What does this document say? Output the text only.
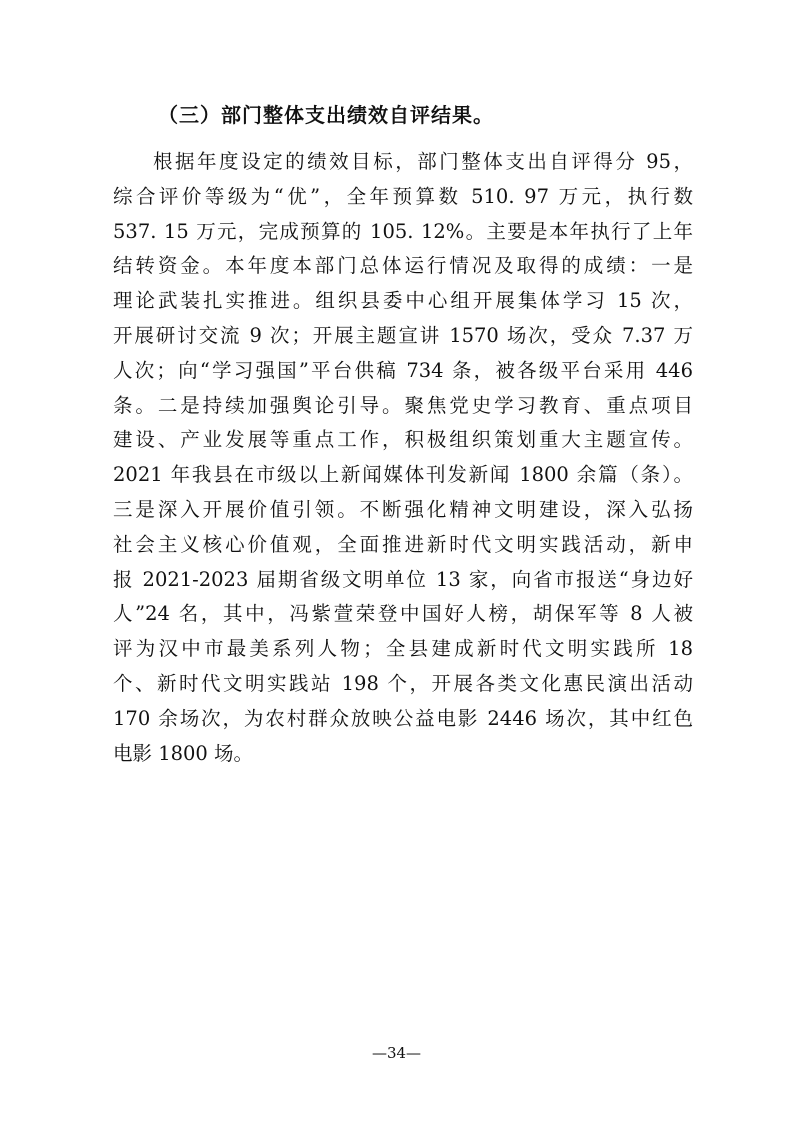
（三）部门整体支出绩效自评结果。
根据年度设定的绩效目标，部门整体支出自评得分 95，
综合评价等级为“优”，全年预算数 510. 97 万元，执行数
537. 15 万元，完成预算的 105. 12%。主要是本年执行了上年
结转资金。本年度本部门总体运行情况及取得的成绩：一是
理论武装扎实推进。组织县委中心组开展集体学习 15 次，
开展研讨交流 9 次；开展主题宣讲 1570 场次，受众 7.37 万
人次；向“学习强国”平台供稿 734 条，被各级平台采用 446
条。二是持续加强舆论引导。聚焦党史学习教育、重点项目
建设、产业发展等重点工作，积极组织策划重大主题宣传。
2021 年我县在市级以上新闻媒体刊发新闻 1800 余篇（条）。
三是深入开展价值引领。不断强化精神文明建设，深入弘扬
社会主义核心价值观，全面推进新时代文明实践活动，新申
报 2021-2023 届期省级文明单位 13 家，向省市报送“身边好
人”24 名，其中，冯紫萱荣登中国好人榜，胡保军等 8 人被
评为汉中市最美系列人物；全县建成新时代文明实践所 18
个、新时代文明实践站 198 个，开展各类文化惠民演出活动
170 余场次，为农村群众放映公益电影 2446 场次，其中红色
电影 1800 场。
—34—
